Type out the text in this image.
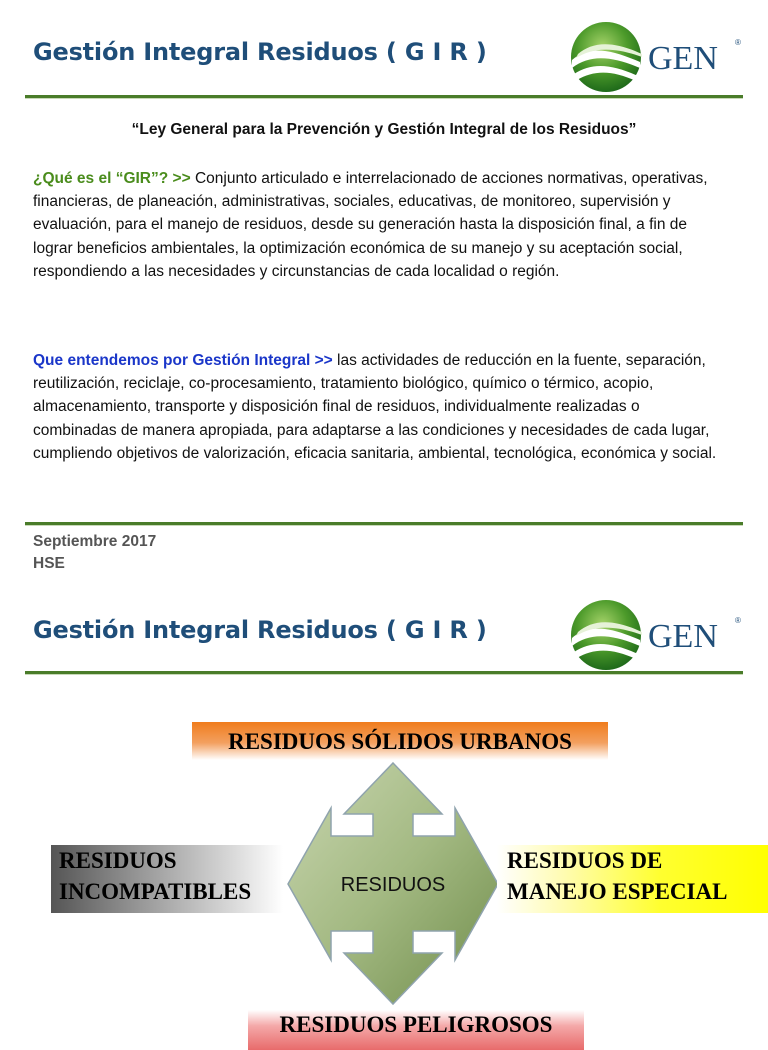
Gestión Integral Residuos ( G I R )	GEN ®
“Ley General para la Prevención y Gestión Integral de los Residuos”
¿Qué es el “GIR”? >> Conjunto articulado e interrelacionado de acciones normativas, operativas, financieras, de planeación, administrativas, sociales, educativas, de monitoreo, supervisión y evaluación, para el manejo de residuos, desde su generación hasta la disposición final, a fin de lograr beneficios ambientales, la optimización económica de su manejo y su aceptación social, respondiendo a las necesidades y circunstancias de cada localidad o región.
Que entendemos por Gestión Integral >> las actividades de reducción en la fuente, separación, reutilización, reciclaje, co-procesamiento, tratamiento biológico, químico o térmico, acopio, almacenamiento, transporte y disposición final de residuos, individualmente realizadas o combinadas de manera apropiada, para adaptarse a las condiciones y necesidades de cada lugar, cumpliendo objetivos de valorización, eficacia sanitaria, ambiental, tecnológica, económica y social.
Septiembre 2017
HSE
Gestión Integral Residuos ( G I R )	GEN ®
RESIDUOS SÓLIDOS URBANOS
RESIDUOS
INCOMPATIBLES
RESIDUOS DE
MANEJO ESPECIAL
RESIDUOS PELIGROSOS
RESIDUOS
